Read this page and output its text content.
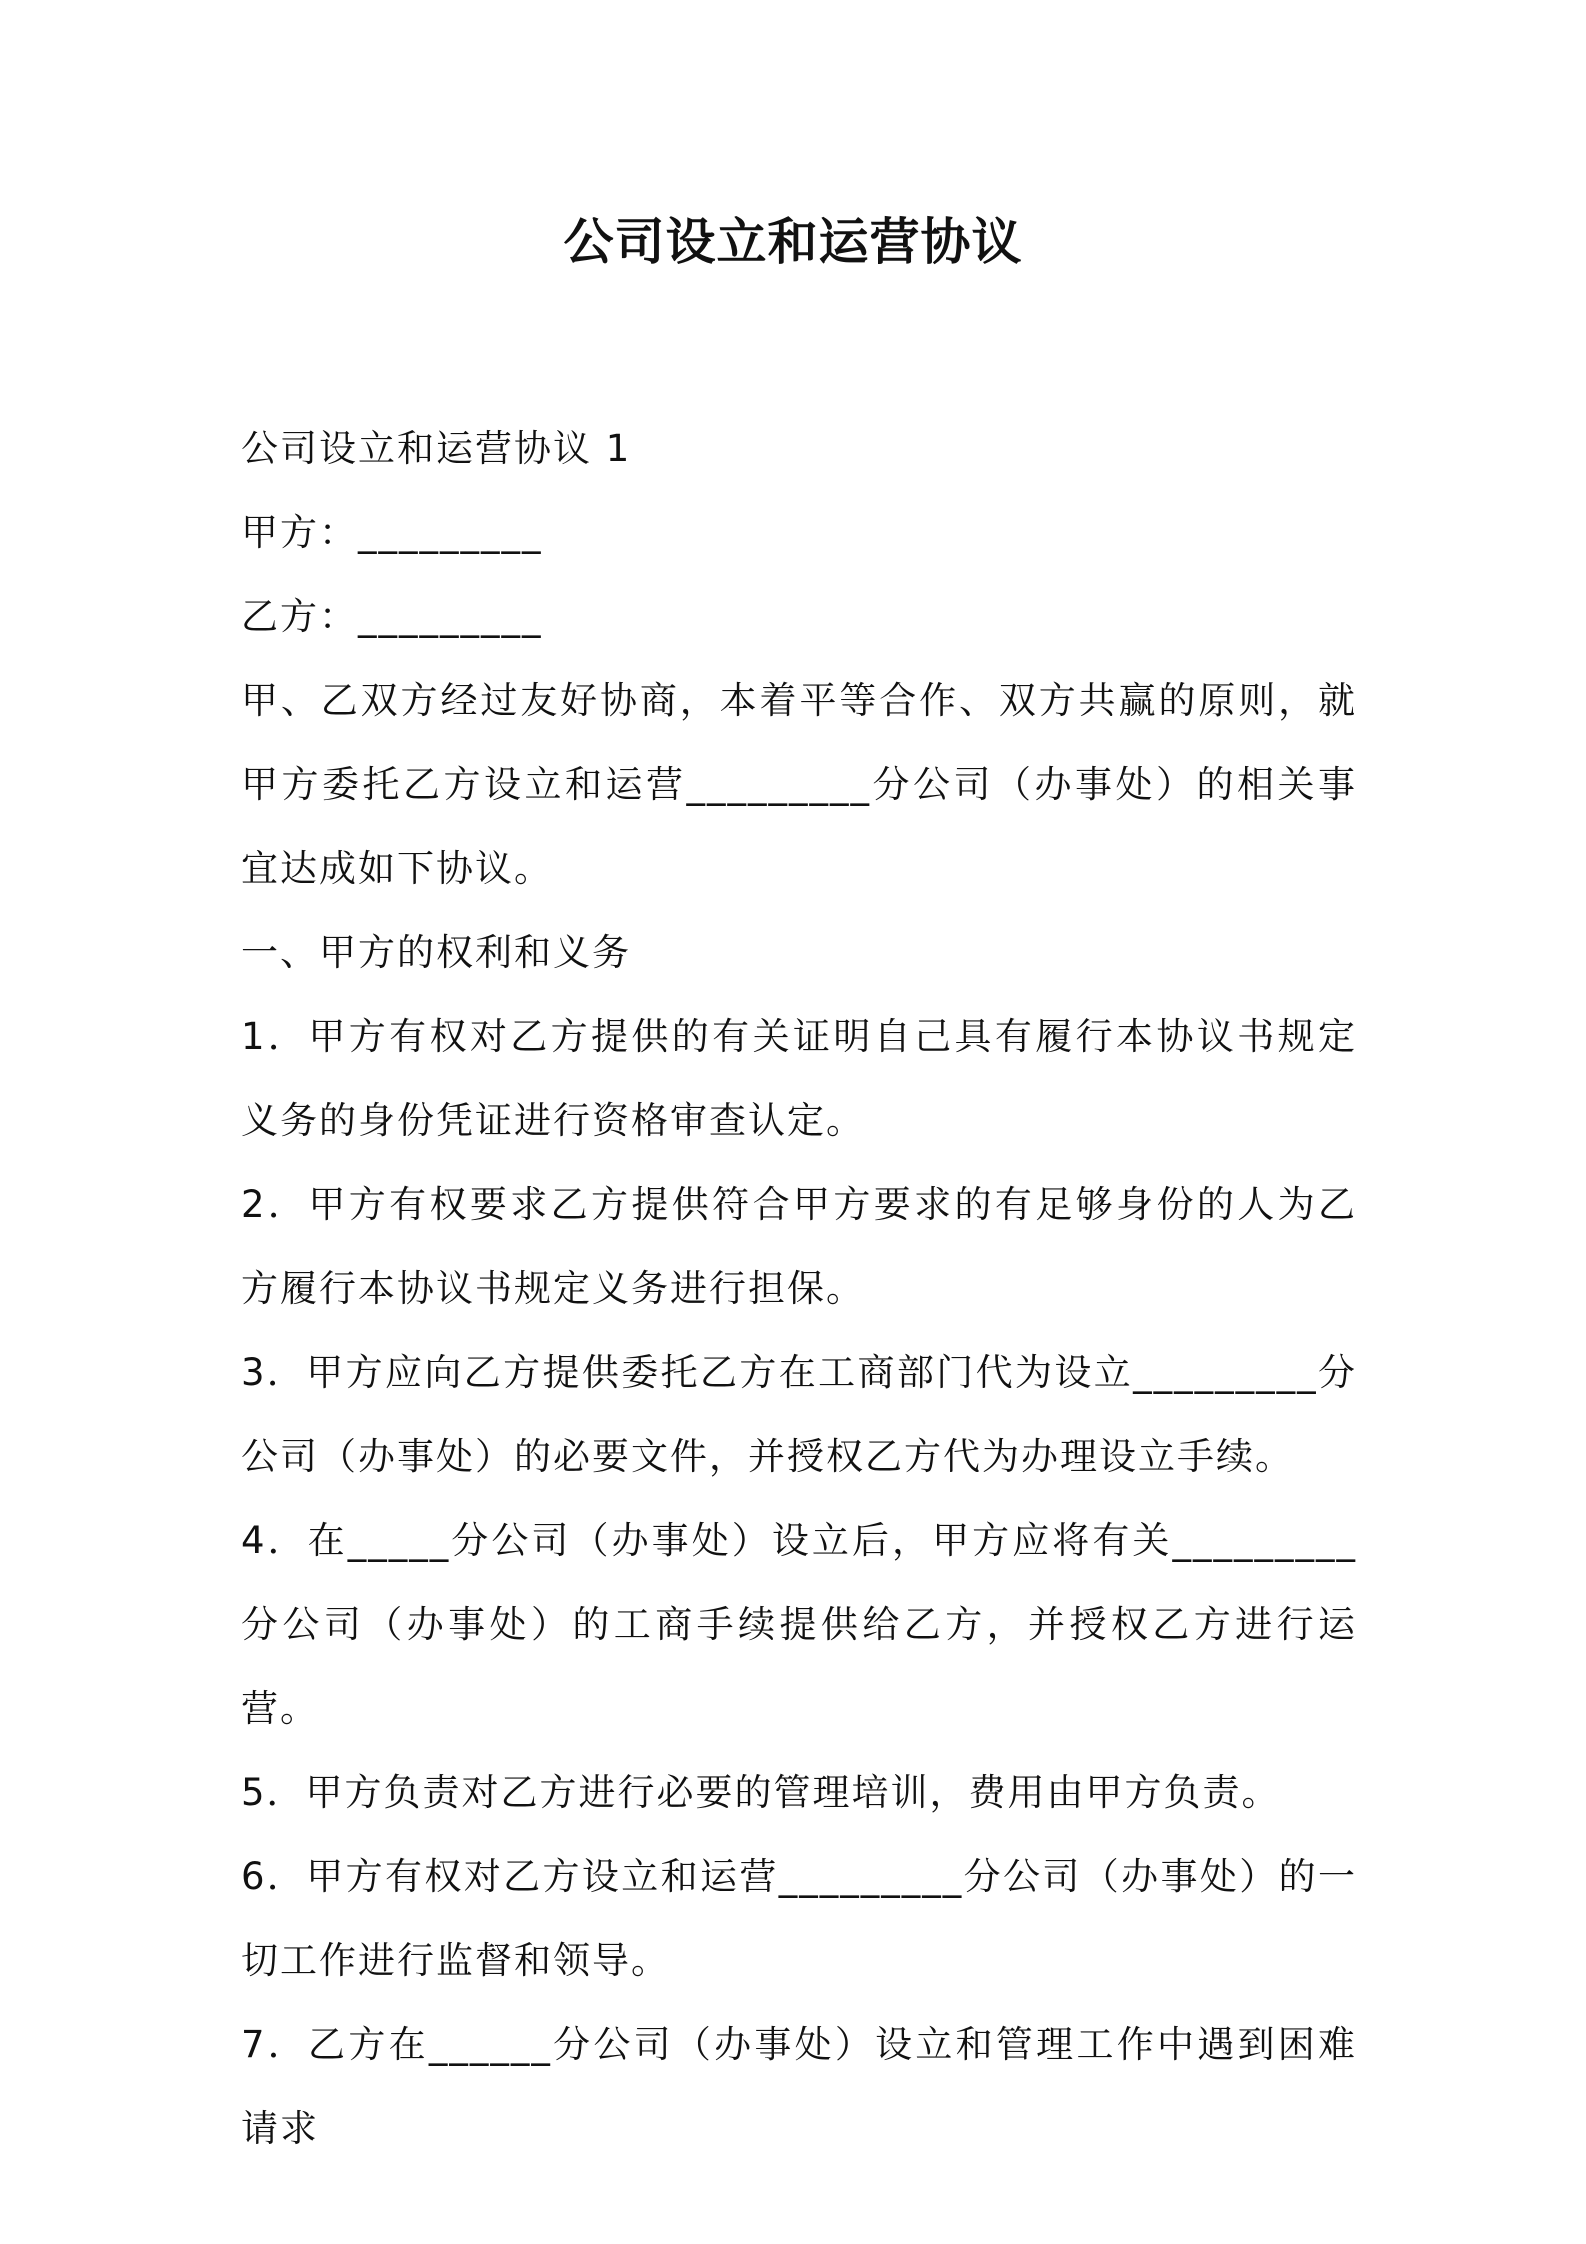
公司设立和运营协议

公司设立和运营协议 1

甲方：_________

乙方：_________

甲、乙双方经过友好协商，本着平等合作、双方共赢的原则，就甲方委托乙方设立和运营_________分公司（办事处）的相关事宜达成如下协议。

一、甲方的权利和义务

1．甲方有权对乙方提供的有关证明自己具有履行本协议书规定义务的身份凭证进行资格审查认定。

2．甲方有权要求乙方提供符合甲方要求的有足够身份的人为乙方履行本协议书规定义务进行担保。

3．甲方应向乙方提供委托乙方在工商部门代为设立_________分公司（办事处）的必要文件，并授权乙方代为办理设立手续。

4．在_____分公司（办事处）设立后，甲方应将有关_________分公司（办事处）的工商手续提供给乙方，并授权乙方进行运营。

5．甲方负责对乙方进行必要的管理培训，费用由甲方负责。

6．甲方有权对乙方设立和运营_________分公司（办事处）的一切工作进行监督和领导。

7．乙方在______分公司（办事处）设立和管理工作中遇到困难请求
